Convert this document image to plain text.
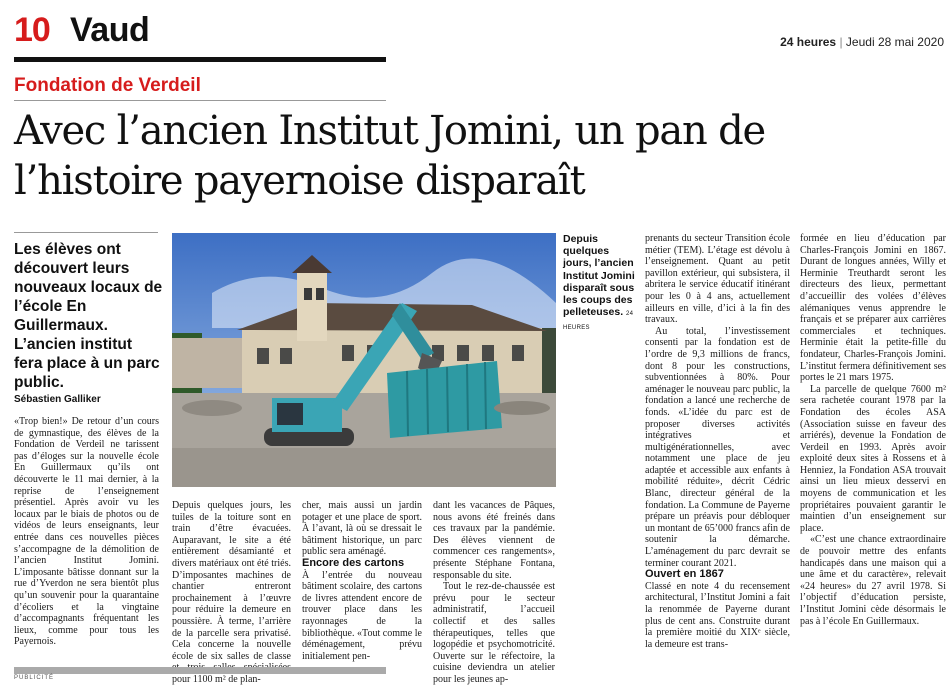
10 Vaud	24 heures | Jeudi 28 mai 2020
Fondation de Verdeil
Avec l’ancien Institut Jomini, un pan de l’histoire payernoise disparaît
Les élèves ont découvert leurs nouveaux locaux de l’école En Guillermaux. L’ancien institut fera place à un parc public.
Sébastien Galliker

«Trop bien!» De retour d’un cours de gymnastique, des élèves de la Fondation de Verdeil ne tarissent pas d’éloges sur la nouvelle école En Guillermaux qu’ils ont découverte le 11 mai dernier, à la reprise de l’enseignement présentiel. Après avoir vu les locaux par le biais de photos ou de vidéos de leurs enseignants, leur entrée dans ces nouvelles pièces s’accompagne de la démolition de l’ancien Institut Jomini. L’imposante bâtisse donnant sur la rue d’Yverdon ne sera bientôt plus qu’un souvenir pour la quarantaine d’écoliers et la vingtaine d’accompagnants fréquentant les lieux, comme pour tous les Payernois.

Depuis quelques jours, l’ancien Institut Jomini disparaît sous les coups des pelleteuses. 24 HEURES

Depuis quelques jours, les tuiles de la toiture sont en train d’être évacuées. Auparavant, le site a été entièrement désamianté et divers matériaux ont été triés. D’imposantes machines de chantier entreront prochainement à l’œuvre pour réduire la demeure en poussière. À terme, l’arrière de la parcelle sera privatisé. Cela concerne la nouvelle école de six salles de classe pour 1100 m² de plan-

cher, mais aussi un jardin potager et une place de sport. À l’avant, là où se dressait le bâtiment historique, un parc public sera aménagé.

Encore des cartons

À l’entrée du nouveau bâtiment scolaire, des cartons de livres attendent encore de trouver place dans les rayonnages de la bibliothèque. «Tout comme le déménagement, prévu initialement pen-

dant les vacances de Pâques, nous avons été freinés dans ces travaux par la pandémie. Des élèves viennent de commencer ces rangements», présente Stéphane Fontana, responsable du site.

Tout le rez-de-chaussée est prévu pour le secteur administratif, l’accueil collectif et des salles thérapeutiques, telles que logopédie et psychomotricité. Ouverte sur le réfectoire, la cuisine deviendra un atelier pour les jeunes ap-

prenants du secteur Transition école métier (TEM). L’étage est dévolu à l’enseignement. Quant au petit pavillon extérieur, qui subsistera, il abritera le service éducatif itinérant pour les 0 à 4 ans, actuellement ailleurs en ville, d’ici à la fin des travaux.

Au total, l’investissement consenti par la fondation est de l’ordre de 9,3 millions de francs, dont 8 pour les constructions, subventionnées à 80%. Pour aménager le nouveau parc public, la fondation a lancé une recherche de fonds. «L’idée du parc est de proposer diverses activités intégratives et multigénérationnelles, avec notamment une place de jeu adaptée et accessible aux enfants à mobilité réduite», décrit Cédric Blanc, directeur général de la fondation. La Commune de Payerne prépare un préavis pour débloquer un montant de 65’000 francs afin de soutenir la démarche. L’aménagement du parc devrait se terminer courant 2021.

Ouvert en 1867

Classé en note 4 du recensement architectural, l’Institut Jomini a fait la renommée de Payerne durant plus de cent ans. Construite durant la première moitié du XIXᵉ siècle, la demeure est trans-

formée en lieu d’éducation par Charles-François Jomini en 1867. Durant de longues années, Willy et Herminie Treuthardt seront les directeurs des lieux, permettant d’accueillir des volées d’élèves alémaniques venus apprendre le français et se préparer aux carrières commerciales et techniques. Herminie était la petite-fille du fondateur, Charles-François Jomini. L’institut fermera définitivement ses portes le 21 mars 1975.

La parcelle de quelque 7600 m² sera rachetée courant 1978 par la Fondation des écoles ASA (Association suisse en faveur des arriérés), devenue la Fondation de Verdeil en 1993. Après avoir exploité deux sites à Rossens et à Henniez, la Fondation ASA trouvait ainsi un lieu mieux desservi en moyens de communication et les propriétaires pouvaient garantir le maintien d’un enseignement sur place.

«C’est une chance extraordinaire de pouvoir mettre des enfants handicapés dans une maison qui a une âme et du caractère», relevait «24 heures» du 27 avril 1978. Si l’objectif d’éducation persiste, l’Institut Jomini cède désormais le pas à l’école En Guillermaux.

PUBLICITÉ
